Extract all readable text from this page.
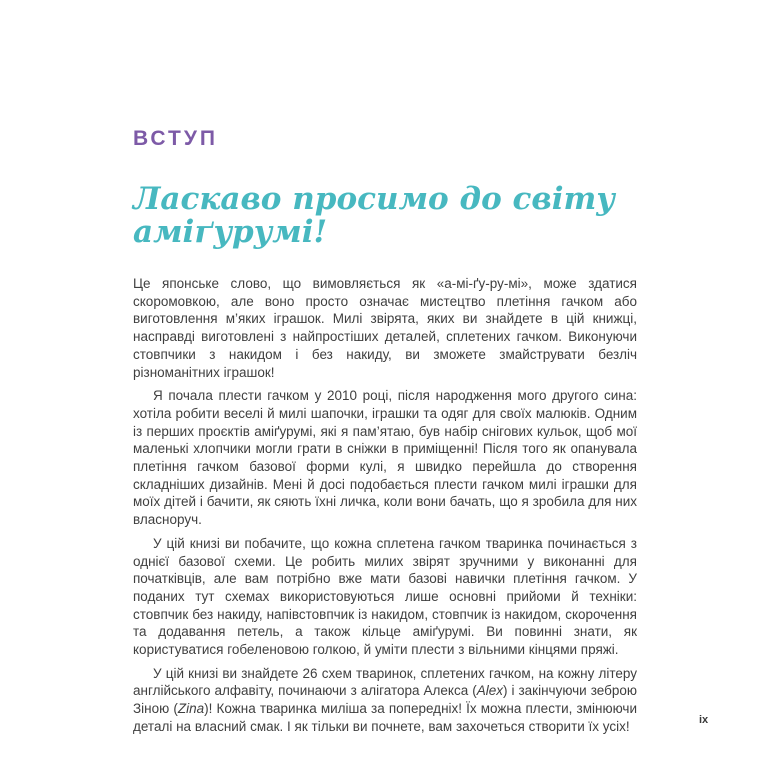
ВСТУП
Ласкаво просимо до світу
аміґурумі!

Це японське слово, що вимовляється як «а-мі-ґу-ру-мі», може здатися скоромовкою, але воно просто означає мистецтво плетіння гачком або виготовлення м’яких іграшок. Милі звірята, яких ви знайдете в цій книжці, насправді виготовлені з найпростіших деталей, сплетених гачком. Виконуючи стовпчики з накидом і без накиду, ви зможете змайструвати безліч різноманітних іграшок!

Я почала плести гачком у 2010 році, після народження мого другого сина: хотіла робити веселі й милі шапочки, іграшки та одяг для своїх малюків. Одним із перших проєктів аміґурумі, які я пам’ятаю, був набір снігових кульок, щоб мої маленькі хлопчики могли грати в сніжки в приміщенні! Після того як опанувала плетіння гачком базової форми кулі, я швидко перейшла до створення складніших дизайнів. Мені й досі подобається плести гачком милі іграшки для моїх дітей і бачити, як сяють їхні личка, коли вони бачать, що я зробила для них власноруч.

У цій книзі ви побачите, що кожна сплетена гачком тваринка починається з однієї базової схеми. Це робить милих звірят зручними у виконанні для початківців, але вам потрібно вже мати базові навички плетіння гачком. У поданих тут схемах використовуються лише основні прийоми й техніки: стовпчик без накиду, напівстовпчик із накидом, стовпчик із накидом, скорочення та додавання петель, а також кільце аміґурумі. Ви повинні знати, як користуватися гобеленовою голкою, й уміти плести з вільними кінцями пряжі.

У цій книзі ви знайдете 26 схем тваринок, сплетених гачком, на кожну літеру англійського алфавіту, починаючи з алігатора Алекса (Alex) і закінчуючи зеброю Зіною (Zina)! Кожна тваринка миліша за попередніх! Їх можна плести, змінюючи деталі на власний смак. І як тільки ви почнете, вам захочеться створити їх усіх!	ix
